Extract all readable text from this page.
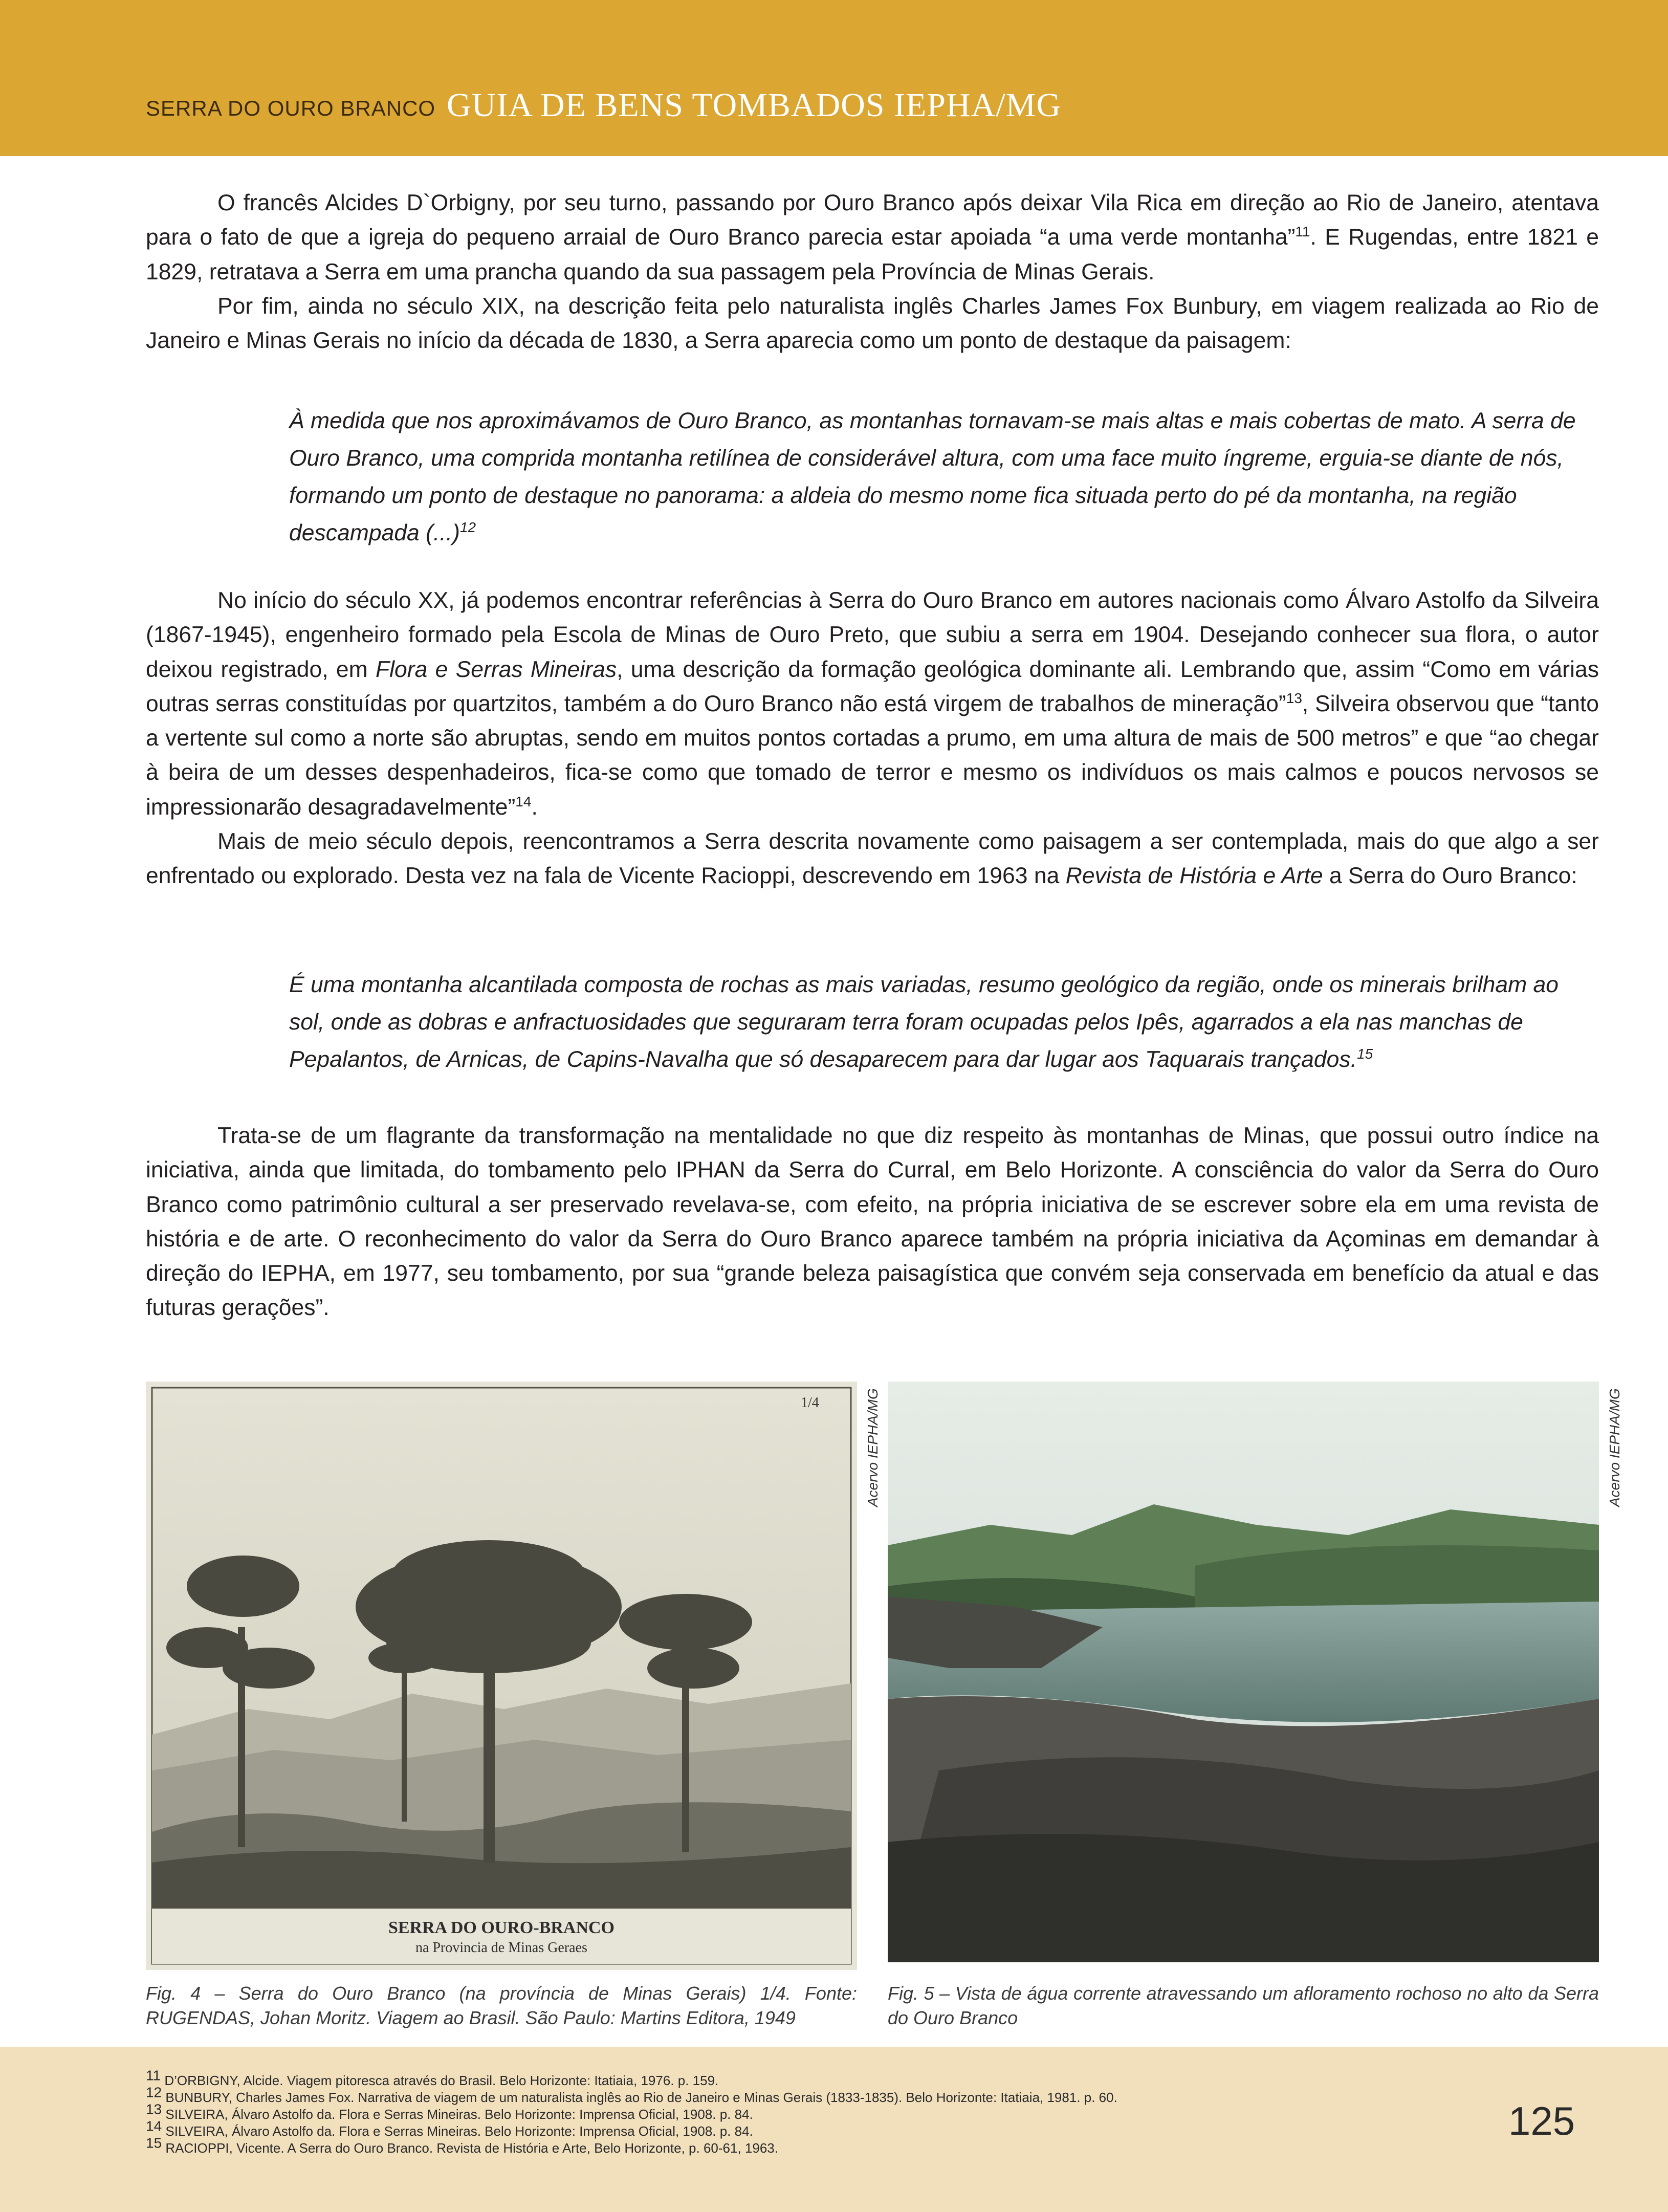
SERRA DO OURO BRANCO GUIA DE BENS TOMBADOS IEPHA/MG

O francês Alcides D`Orbigny, por seu turno, passando por Ouro Branco após deixar Vila Rica em direção ao Rio de Janeiro, atentava para o fato de que a igreja do pequeno arraial de Ouro Branco parecia estar apoiada “a uma verde montanha”$^{11}$. E Rugendas, entre 1821 e 1829, retratava a Serra em uma prancha quando da sua passagem pela Província de Minas Gerais.

Por fim, ainda no século XIX, na descrição feita pelo naturalista inglês Charles James Fox Bunbury, em viagem realizada ao Rio de Janeiro e Minas Gerais no início da década de 1830, a Serra aparecia como um ponto de destaque da paisagem:

À medida que nos aproximávamos de Ouro Branco, as montanhas tornavam-se mais altas e mais cobertas de mato. A serra de Ouro Branco, uma comprida montanha retilínea de considerável altura, com uma face muito íngreme, erguia-se diante de nós, formando um ponto de destaque no panorama: a aldeia do mesmo nome fica situada perto do pé da montanha, na região descampada (...)$^{12}$

No início do século XX, já podemos encontrar referências à Serra do Ouro Branco em autores nacionais como Álvaro Astolfo da Silveira (1867-1945), engenheiro formado pela Escola de Minas de Ouro Preto, que subiu a serra em 1904. Desejando conhecer sua flora, o autor deixou registrado, em Flora e Serras Mineiras, uma descrição da formação geológica dominante ali. Lembrando que, assim “Como em várias outras serras constituídas por quartzitos, também a do Ouro Branco não está virgem de trabalhos de mineração”$^{13}$, Silveira observou que “tanto a vertente sul como a norte são abruptas, sendo em muitos pontos cortadas a prumo, em uma altura de mais de 500 metros” e que “ao chegar à beira de um desses despenhadeiros, fica-se como que tomado de terror e mesmo os indivíduos os mais calmos e poucos nervosos se impressionarão desagradavelmente”$^{14}$.

Mais de meio século depois, reencontramos a Serra descrita novamente como paisagem a ser contemplada, mais do que algo a ser enfrentado ou explorado. Desta vez na fala de Vicente Racioppi, descrevendo em 1963 na Revista de História e Arte a Serra do Ouro Branco:

É uma montanha alcantilada composta de rochas as mais variadas, resumo geológico da região, onde os minerais brilham ao sol, onde as dobras e anfractuosidades que seguraram terra foram ocupadas pelos Ipês, agarrados a ela nas manchas de Pepalantos, de Arnicas, de Capins-Navalha que só desaparecem para dar lugar aos Taquarais trançados.$^{15}$

Trata-se de um flagrante da transformação na mentalidade no que diz respeito às montanhas de Minas, que possui outro índice na iniciativa, ainda que limitada, do tombamento pelo IPHAN da Serra do Curral, em Belo Horizonte. A consciência do valor da Serra do Ouro Branco como patrimônio cultural a ser preservado revelava-se, com efeito, na própria iniciativa de se escrever sobre ela em uma revista de história e de arte. O reconhecimento do valor da Serra do Ouro Branco aparece também na própria iniciativa da Açominas em demandar à direção do IEPHA, em 1977, seu tombamento, por sua “grande beleza paisagística que convém seja conservada em benefício da atual e das futuras gerações”.

1/4
SERRA DO OURO-BRANCO
na Provincia de Minas Geraes
Acervo IEPHA/MG	Acervo IEPHA/MG
Fig. 4 – Serra do Ouro Branco (na província de Minas Gerais) 1/4. Fonte: RUGENDAS, Johan Moritz. Viagem ao Brasil. São Paulo: Martins Editora, 1949
Fig. 5 – Vista de água corrente atravessando um afloramento rochoso no alto da Serra do Ouro Branco
$^{11}$ D’ORBIGNY, Alcide. Viagem pitoresca através do Brasil. Belo Horizonte: Itatiaia, 1976. p. 159.
$^{12}$ BUNBURY, Charles James Fox. Narrativa de viagem de um naturalista inglês ao Rio de Janeiro e Minas Gerais (1833-1835). Belo Horizonte: Itatiaia, 1981. p. 60.
$^{13}$ SILVEIRA, Álvaro Astolfo da. Flora e Serras Mineiras. Belo Horizonte: Imprensa Oficial, 1908. p. 84.
$^{14}$ SILVEIRA, Álvaro Astolfo da. Flora e Serras Mineiras. Belo Horizonte: Imprensa Oficial, 1908. p. 84.
$^{15}$ RACIOPPI, Vicente. A Serra do Ouro Branco. Revista de História e Arte, Belo Horizonte, p. 60-61, 1963.
125
